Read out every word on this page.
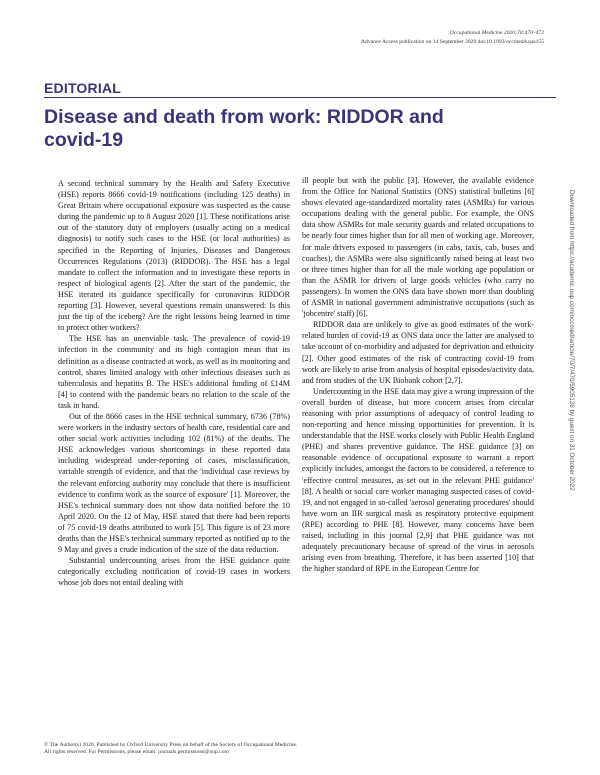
Occupational Medicine 2020;70:470–472
Advance Access publication on 14 September 2020 doi:10.1093/occmed/kqaa155
EDITORIAL
Disease and death from work: RIDDOR and covid-19

A second technical summary by the Health and Safety Executive (HSE) reports 8666 covid-19 notifications (including 125 deaths) in Great Britain where occupational exposure was suspected as the cause during the pandemic up to 8 August 2020 [1]. These notifications arise out of the statutory duty of employers (usually acting on a medical diagnosis) to notify such cases to the HSE (or local authorities) as specified in the Reporting of Injuries, Diseases and Dangerous Occurrences Regulations (2013) (RIDDOR). The HSE has a legal mandate to collect the information and to investigate these reports in respect of biological agents [2]. After the start of the pandemic, the HSE iterated its guidance specifically for coronavirus RIDDOR reporting [3]. However, several questions remain unanswered: Is this just the tip of the iceberg? Are the right lessons being learned in time to protect other workers?

The HSE has an unenviable task. The prevalence of covid-19 infection in the community and its high contagion mean that its definition as a disease contracted at work, as well as its monitoring and control, shares limited analogy with other infectious diseases such as tuberculosis and hepatitis B. The HSE's additional funding of £14M [4] to contend with the pandemic bears no relation to the scale of the task in hand.

Out of the 8666 cases in the HSE technical summary, 6736 (78%) were workers in the industry sectors of health care, residential care and other social work activities including 102 (81%) of the deaths. The HSE acknowledges various shortcomings in these reported data including widespread under-reporting of cases, misclassification, variable strength of evidence, and that the 'individual case reviews by the relevant enforcing authority may conclude that there is insufficient evidence to confirm work as the source of exposure' [1]. Moreover, the HSE's technical summary does not show data notified before the 10 April 2020. On the 12 of May, HSE stated that there had been reports of 75 covid-19 deaths attributed to work [5]. This figure is of 23 more deaths than the HSE's technical summary reported as notified up to the 9 May and gives a crude indication of the size of the data reduction.

Substantial undercounting arises from the HSE guidance quite categorically excluding notification of covid-19 cases in workers whose job does not entail dealing with

ill people but with the public [3]. However, the available evidence from the Office for National Statistics (ONS) statistical bulletins [6] shows elevated age-standardized mortality rates (ASMRs) for various occupations dealing with the general public. For example, the ONS data show ASMRs for male security guards and related occupations to be nearly four times higher than for all men of working age. Moreover, for male drivers exposed to passengers (in cabs, taxis, cab, buses and coaches), the ASMRs were also significantly raised being at least two or three times higher than for all the male working age population or than the ASMR for drivers of large goods vehicles (who carry no passengers). In women the ONS data have shown more than doubling of ASMR in national government administrative occupations (such as 'jobcentre' staff) [6].

RIDDOR data are unlikely to give as good estimates of the work-related burden of covid-19 as ONS data once the latter are analysed to take account of co-morbidity and adjusted for deprivation and ethnicity [2]. Other good estimates of the risk of contracting covid-19 from work are likely to arise from analysis of hospital episodes/activity data, and from studies of the UK Biobank cohort [2,7].

Undercounting in the HSE data may give a wrong impression of the overall burden of disease, but more concern arises from circular reasoning with prior assumptions of adequacy of control leading to non-reporting and hence missing opportunities for prevention. It is understandable that the HSE works closely with Public Health England (PHE) and shares preventive guidance. The HSE guidance [3] on reasonable evidence of occupational exposure to warrant a report explicitly includes, amongst the factors to be considered, a reference to 'effective control measures, as set out in the relevant PHE guidance' [8]. A health or social care worker managing suspected cases of covid-19, and not engaged in so-called 'aerosol generating procedures' should have worn an IIR surgical mask as respiratory protective equipment (RPE) according to PHE [8]. However, many concerns have been raised, including in this journal [2,9] that PHE guidance was not adequately precautionary because of spread of the virus in aerosols arising even from breathing. Therefore, it has been asserted [10] that the higher standard of RPE in the European Centre for

Downloaded from https://academic.oup.com/occmed/article/70/7/470/5905126 by guest on 31 October 2022
© The Author(s) 2020. Published by Oxford University Press on behalf of the Society of Occupational Medicine.
All rights reserved. For Permissions, please email: journals.permissions@oup.com
